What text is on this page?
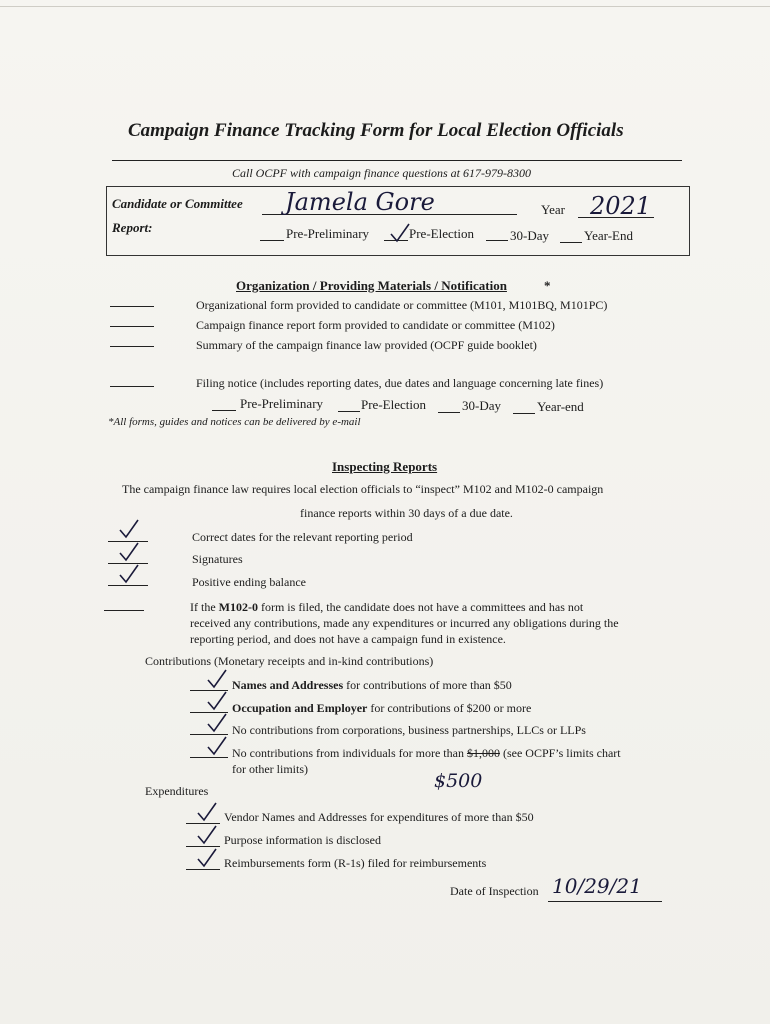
Campaign Finance Tracking Form for Local Election Officials
Call OCPF with campaign finance questions at 617-979-8300
Candidate or Committee Jamela Gore	Year 2021
Report:	Pre-Preliminary	Pre-Election	30-Day	Year-End
Organization / Providing Materials / Notification	*
Organizational form provided to candidate or committee (M101, M101BQ, M101PC)
Campaign finance report form provided to candidate or committee (M102)
Summary of the campaign finance law provided (OCPF guide booklet)
Filing notice (includes reporting dates, due dates and language concerning late fines)
Pre-Preliminary	Pre-Election	30-Day	Year-end
*All forms, guides and notices can be delivered by e-mail
Inspecting Reports
The campaign finance law requires local election officials to “inspect” M102 and M102-0 campaign
finance reports within 30 days of a due date.
Correct dates for the relevant reporting period
Signatures
Positive ending balance
If the M102-0 form is filed, the candidate does not have a committees and has not
received any contributions, made any expenditures or incurred any obligations during the
reporting period, and does not have a campaign fund in existence.
Contributions (Monetary receipts and in-kind contributions)
Names and Addresses for contributions of more than $50
Occupation and Employer for contributions of $200 or more
No contributions from corporations, business partnerships, LLCs or LLPs
No contributions from individuals for more than $1,000 (see OCPF’s limits chart
for other limits)
$500
Expenditures
Vendor Names and Addresses for expenditures of more than $50
Purpose information is disclosed
Reimbursements form (R-1s) filed for reimbursements
Date of Inspection 10/29/21
